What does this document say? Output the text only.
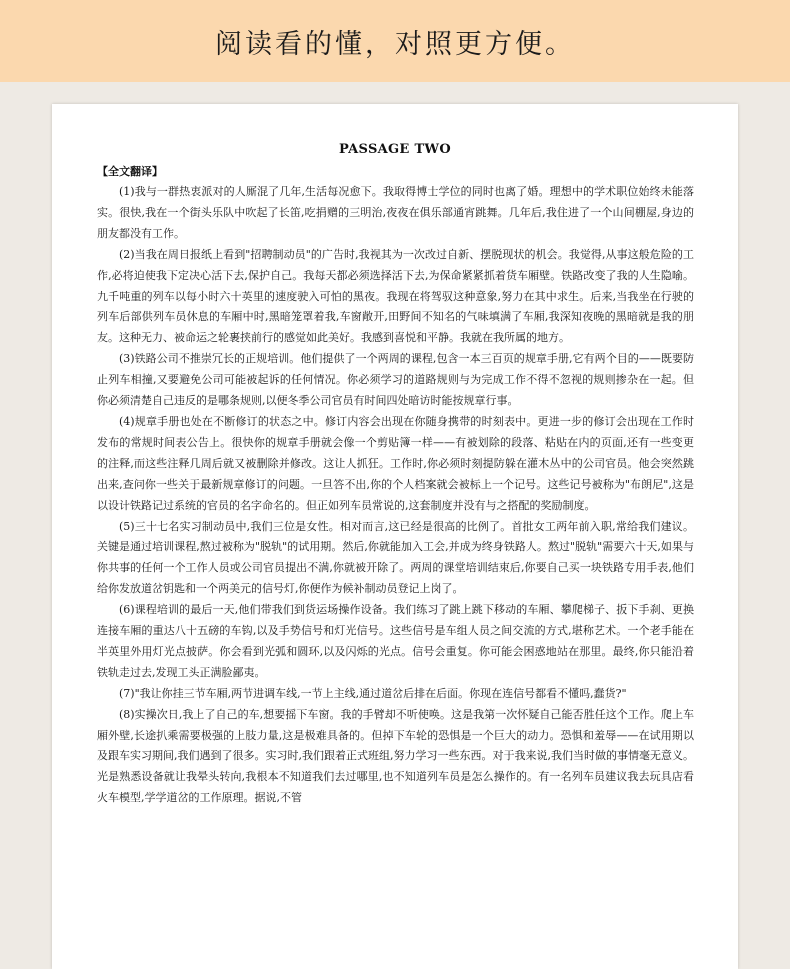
阅读看的懂，对照更方便。
PASSAGE TWO
【全文翻译】

(1)我与一群热衷派对的人厮混了几年,生活每况愈下。我取得博士学位的同时也离了婚。理想中的学术职位始终未能落实。很快,我在一个街头乐队中吹起了长笛,吃捐赠的三明治,夜夜在俱乐部通宵跳舞。几年后,我住进了一个山间棚屋,身边的朋友都没有工作。

(2)当我在周日报纸上看到"招聘制动员"的广告时,我视其为一次改过自新、摆脱现状的机会。我觉得,从事这般危险的工作,必将迫使我下定决心活下去,保护自己。我每天都必须选择活下去,为保命紧紧抓着货车厢壁。铁路改变了我的人生隐喻。九千吨重的列车以每小时六十英里的速度驶入可怕的黑夜。我现在将驾驭这种意象,努力在其中求生。后来,当我坐在行驶的列车后部供列车员休息的车厢中时,黑暗笼罩着我,车窗敞开,田野间不知名的气味填满了车厢,我深知夜晚的黑暗就是我的朋友。这种无力、被命运之轮裹挟前行的感觉如此美好。我感到喜悦和平静。我就在我所属的地方。

(3)铁路公司不推崇冗长的正规培训。他们提供了一个两周的课程,包含一本三百页的规章手册,它有两个目的——既要防止列车相撞,又要避免公司可能被起诉的任何情况。你必须学习的道路规则与为完成工作不得不忽视的规则掺杂在一起。但你必须清楚自己违反的是哪条规则,以便冬季公司官员有时间四处暗访时能按规章行事。

(4)规章手册也处在不断修订的状态之中。修订内容会出现在你随身携带的时刻表中。更进一步的修订会出现在工作时发布的常规时间表公告上。很快你的规章手册就会像一个剪贴簿一样——有被划除的段落、粘贴在内的页面,还有一些变更的注释,而这些注释几周后就又被删除并修改。这让人抓狂。工作时,你必须时刻提防躲在灌木丛中的公司官员。他会突然跳出来,查问你一些关于最新规章修订的问题。一旦答不出,你的个人档案就会被标上一个记号。这些记号被称为"布朗尼",这是以设计铁路记过系统的官员的名字命名的。但正如列车员常说的,这套制度并没有与之搭配的奖励制度。

(5)三十七名实习制动员中,我们三位是女性。相对而言,这已经是很高的比例了。首批女工两年前入职,常给我们建议。关键是通过培训课程,熬过被称为"脱轨"的试用期。然后,你就能加入工会,并成为终身铁路人。熬过"脱轨"需要六十天,如果与你共事的任何一个工作人员或公司官员提出不满,你就被开除了。两周的课堂培训结束后,你要自己买一块铁路专用手表,他们给你发放道岔钥匙和一个两美元的信号灯,你便作为候补制动员登记上岗了。

(6)课程培训的最后一天,他们带我们到货运场操作设备。我们练习了跳上跳下移动的车厢、攀爬梯子、扳下手刹、更换连接车厢的重达八十五磅的车钩,以及手势信号和灯光信号。这些信号是车组人员之间交流的方式,堪称艺术。一个老手能在半英里外用灯光点披萨。你会看到光弧和圆环,以及闪烁的光点。信号会重复。你可能会困惑地站在那里。最终,你只能沿着铁轨走过去,发现工头正满脸鄙夷。

(7)"我让你挂三节车厢,两节进调车线,一节上主线,通过道岔后排在后面。你现在连信号都看不懂吗,蠢货?"

(8)实操次日,我上了自己的车,想要摇下车窗。我的手臂却不听使唤。这是我第一次怀疑自己能否胜任这个工作。爬上车厢外壁,长途扒乘需要极强的上肢力量,这是极难具备的。但掉下车轮的恐惧是一个巨大的动力。恐惧和羞辱——在试用期以及跟车实习期间,我们遇到了很多。实习时,我们跟着正式班组,努力学习一些东西。对于我来说,我们当时做的事情毫无意义。光是熟悉设备就让我晕头转向,我根本不知道我们去过哪里,也不知道列车员是怎么操作的。有一名列车员建议我去玩具店看火车模型,学学道岔的工作原理。据说,不管
